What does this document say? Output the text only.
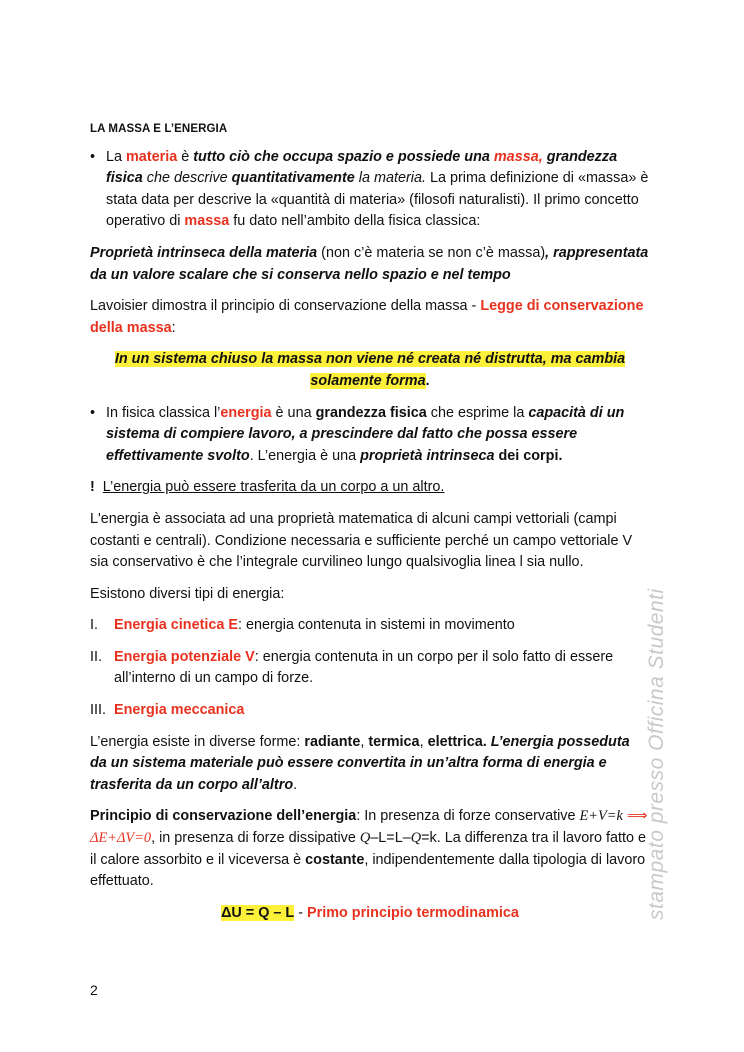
LA MASSA E L’ENERGIA

• La materia è tutto ciò che occupa spazio e possiede una massa, grandezza fisica che descrive quantitativamente la materia. La prima definizione di «massa» è stata data per descrive la «quantità di materia» (filosofi naturalisti). Il primo concetto operativo di massa fu dato nell’ambito della fisica classica:

Proprietà intrinseca della materia (non c’è materia se non c’è massa), rappresentata da un valore scalare che si conserva nello spazio e nel tempo

Lavoisier dimostra il principio di conservazione della massa - Legge di conservazione della massa:

In un sistema chiuso la massa non viene né creata né distrutta, ma cambia solamente forma.

• In fisica classica l’energia è una grandezza fisica che esprime la capacità di un sistema di compiere lavoro, a prescindere dal fatto che possa essere effettivamente svolto. L’energia è una proprietà intrinseca dei corpi.

! L’energia può essere trasferita da un corpo a un altro.

L'energia è associata ad una proprietà matematica di alcuni campi vettoriali (campi costanti e centrali). Condizione necessaria e sufficiente perché un campo vettoriale V sia conservativo è che l’integrale curvilineo lungo qualsivoglia linea l sia nullo.

Esistono diversi tipi di energia:

I. Energia cinetica E: energia contenuta in sistemi in movimento

II. Energia potenziale V: energia contenuta in un corpo per il solo fatto di essere all’interno di un campo di forze.

III. Energia meccanica

L’energia esiste in diverse forme: radiante, termica, elettrica. L’energia posseduta da un sistema materiale può essere convertita in un’altra forma di energia e trasferita da un corpo all’altro.

Principio di conservazione dell’energia: In presenza di forze conservative E+V=k ⟹ ΔE+ΔV=0, in presenza di forze dissipative Q–L=L–Q=k. La differenza tra il lavoro fatto e il calore assorbito e il viceversa è costante, indipendentemente dalla tipologia di lavoro effettuato.

ΔU = Q – L - Primo principio termodinamica

2
stampato presso Officina Studenti
